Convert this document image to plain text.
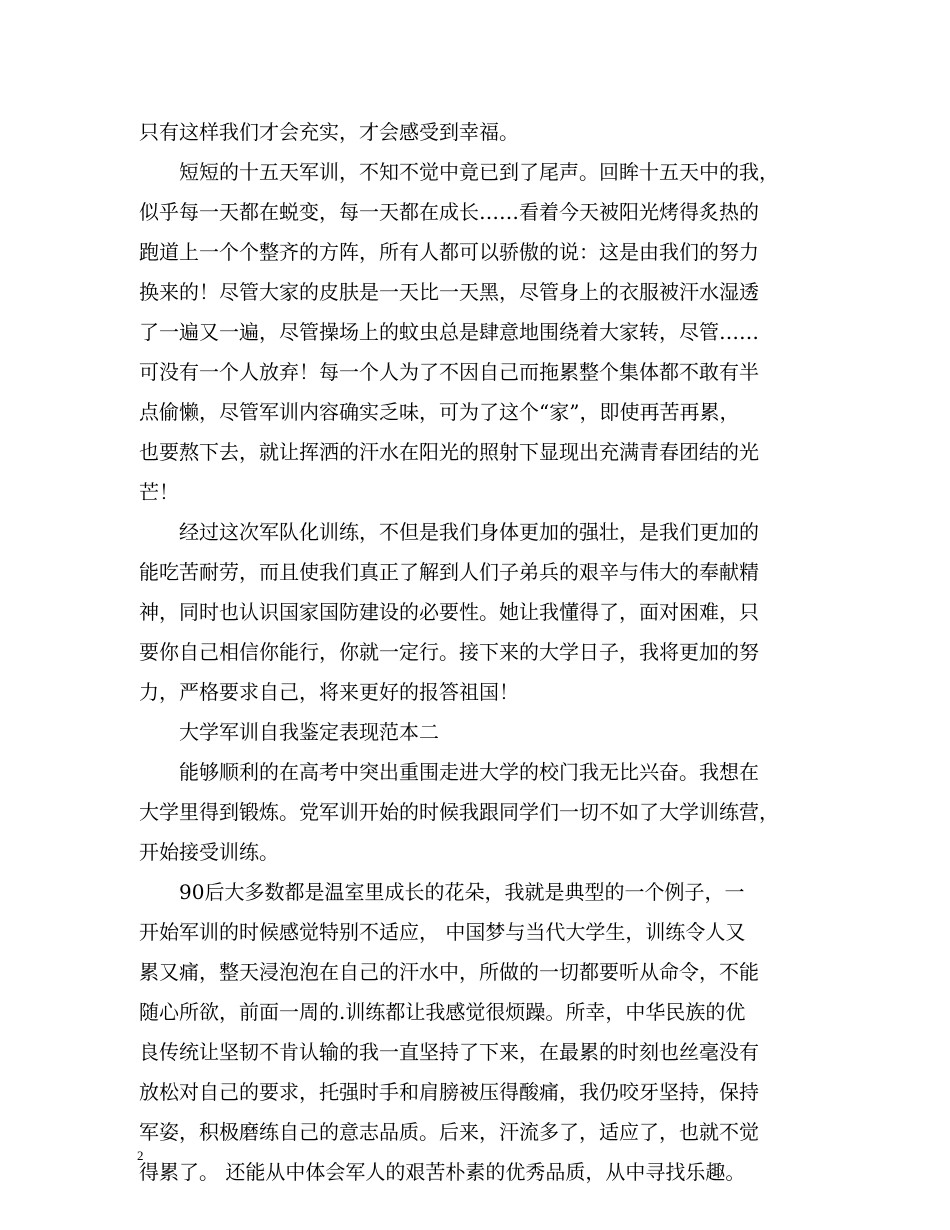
只有这样我们才会充实，才会感受到幸福。
短短的十五天军训，不知不觉中竟已到了尾声。回眸十五天中的我，
似乎每一天都在蜕变，每一天都在成长……看着今天被阳光烤得炙热的
跑道上一个个整齐的方阵，所有人都可以骄傲的说：这是由我们的努力
换来的！尽管大家的皮肤是一天比一天黑，尽管身上的衣服被汗水湿透
了一遍又一遍，尽管操场上的蚊虫总是肆意地围绕着大家转，尽管……
可没有一个人放弃！每一个人为了不因自己而拖累整个集体都不敢有半
点偷懒，尽管军训内容确实乏味，可为了这个“家”，即使再苦再累，
也要熬下去，就让挥洒的汗水在阳光的照射下显现出充满青春团结的光
芒！
经过这次军队化训练，不但是我们身体更加的强壮，是我们更加的
能吃苦耐劳，而且使我们真正了解到人们子弟兵的艰辛与伟大的奉献精
神，同时也认识国家国防建设的必要性。她让我懂得了，面对困难，只
要你自己相信你能行，你就一定行。接下来的大学日子，我将更加的努
力，严格要求自己，将来更好的报答祖国！
大学军训自我鉴定表现范本二
能够顺利的在高考中突出重围走进大学的校门我无比兴奋。我想在
大学里得到锻炼。党军训开始的时候我跟同学们一切不如了大学训练营，
开始接受训练。
90后大多数都是温室里成长的花朵，我就是典型的一个例子，一
开始军训的时候感觉特别不适应， 中国梦与当代大学生，训练令人又
累又痛，整天浸泡泡在自己的汗水中，所做的一切都要听从命令，不能
随心所欲，前面一周的.训练都让我感觉很烦躁。所幸，中华民族的优
良传统让坚韧不肯认输的我一直坚持了下来，在最累的时刻也丝毫没有
放松对自己的要求，托强时手和肩膀被压得酸痛，我仍咬牙坚持，保持
军姿，积极磨练自己的意志品质。后来，汗流多了，适应了，也就不觉
得累了。 还能从中体会军人的艰苦朴素的优秀品质，从中寻找乐趣。
2
